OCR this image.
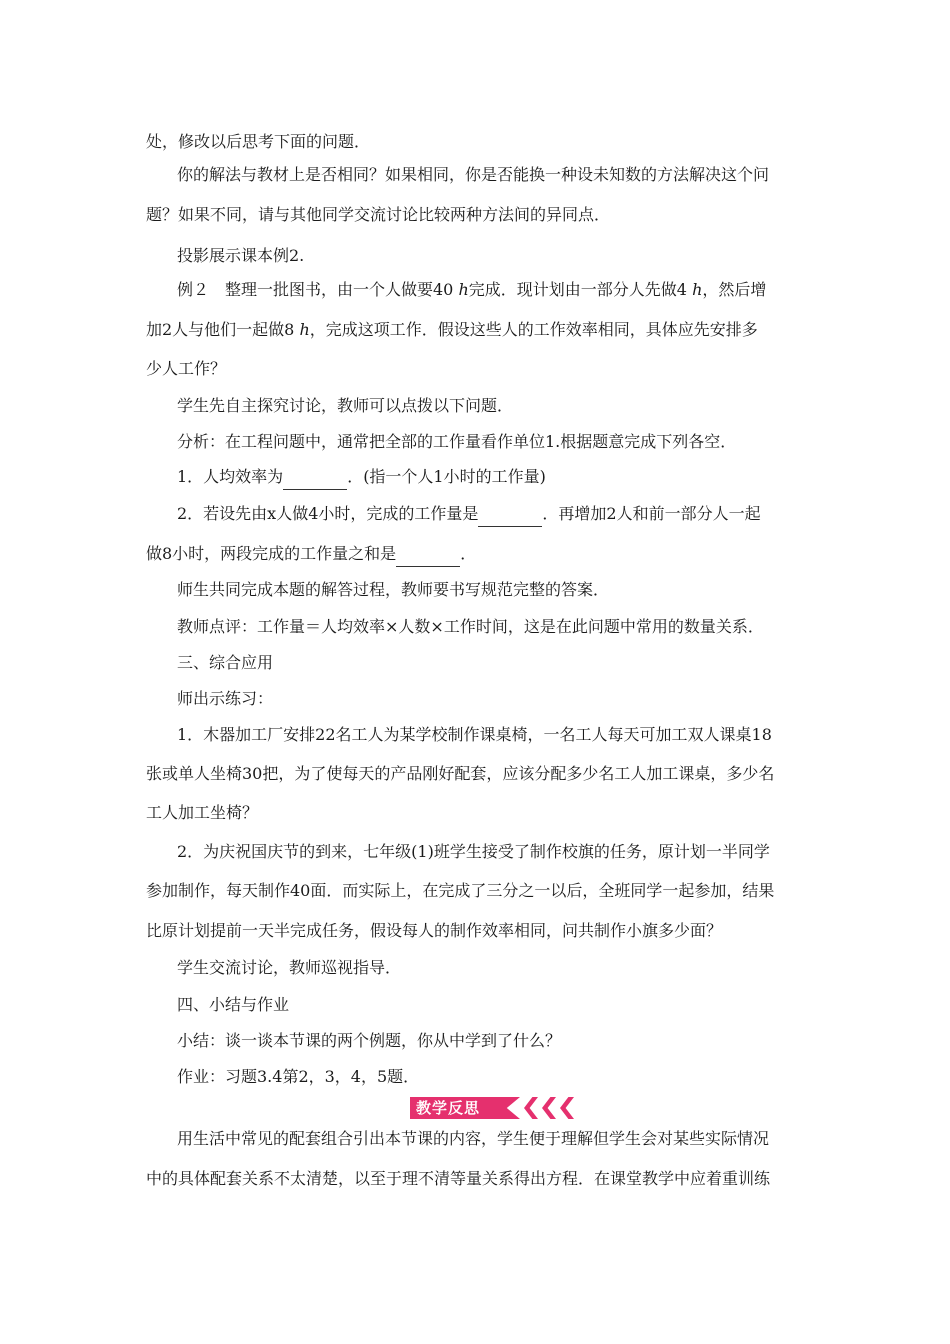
处，修改以后思考下面的问题．
你的解法与教材上是否相同？如果相同，你是否能换一种设未知数的方法解决这个问
题？如果不同，请与其他同学交流讨论比较两种方法间的异同点．
投影展示课本例2.
例２　整理一批图书，由一个人做要40 h完成．现计划由一部分人先做4 h，然后增
加2人与他们一起做8 h，完成这项工作．假设这些人的工作效率相同，具体应先安排多
少人工作？
学生先自主探究讨论，教师可以点拨以下问题．
分析：在工程问题中，通常把全部的工作量看作单位1.根据题意完成下列各空．
1．人均效率为	．(指一个人1小时的工作量)
2．若设先由x人做4小时，完成的工作量是	．再增加2人和前一部分人一起
做8小时，两段完成的工作量之和是	．
师生共同完成本题的解答过程，教师要书写规范完整的答案．
教师点评：工作量＝人均效率×人数×工作时间，这是在此问题中常用的数量关系．
三、综合应用
师出示练习：
1．木器加工厂安排22名工人为某学校制作课桌椅，一名工人每天可加工双人课桌18
张或单人坐椅30把，为了使每天的产品刚好配套，应该分配多少名工人加工课桌，多少名
工人加工坐椅？
2．为庆祝国庆节的到来，七年级(1)班学生接受了制作校旗的任务，原计划一半同学
参加制作，每天制作40面．而实际上，在完成了三分之一以后，全班同学一起参加，结果
比原计划提前一天半完成任务，假设每人的制作效率相同，问共制作小旗多少面？
学生交流讨论，教师巡视指导．
四、小结与作业
小结：谈一谈本节课的两个例题，你从中学到了什么？
作业：习题3.4第2，3，4，5题．
教学反思
用生活中常见的配套组合引出本节课的内容，学生便于理解但学生会对某些实际情况
中的具体配套关系不太清楚，以至于理不清等量关系得出方程．在课堂教学中应着重训练
